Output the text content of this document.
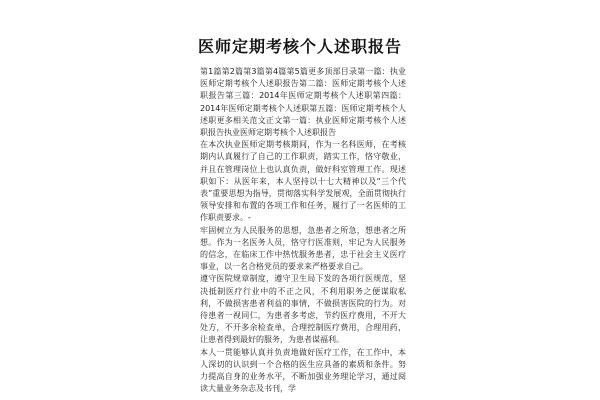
医师定期考核个人述职报告

第1篇第2篇第3篇第4篇第5篇更多顶部目录第一篇：执业医师定期考核个人述职报告第二篇：医师定期考核个人述职报告第三篇：2014年医师定期考核个人述职第四篇：2014年医师定期考核个人述职第五篇：医师定期考核个人述职更多相关范文正文第一篇：执业医师定期考核个人述职报告执业医师定期考核个人述职报告

在本次执业医师定期考核期间，作为一名科医师，在考核期内认真履行了自己的工作职责，踏实工作，恪守敬业，并且在管理岗位上也认真负责，做好科室管理工作。现述职如下：从医年来，本人坚持以十七大精神以及“三个代表”重要思想为指导，贯彻落实科学发展观，全面贯彻执行领导安排和布置的各项工作和任务，履行了一名医师的工作职责要求。-

牢固树立为人民服务的思想，急患者之所急，想患者之所想。作为一名医务人员，恪守行医准则，牢记为人民服务的信念，在临床工作中热忱服务患者，忠于社会主义医疗事业，以一名合格党员的要求来严格要求自己。

遵守医院规章制度，遵守卫生局下发的各项行医规范，坚决抵制医疗行业中的不正之风，不利用职务之便谋取私利，不做损害患者利益的事情，不做损害医院的行为。对待患者一视同仁，为患者多考虑，节约医疗费用，不开大处方，不开多余检查单，合理控制医疗费用，合理用药，让患者得到最好的服务，为患者谋福利。

本人一贯能够认真并负责地做好医疗工作，在工作中，本人深切的认识到一个合格的医生应具备的素质和条件。努力提高自身的业务水平，不断加强业务理论学习，通过阅读大量业务杂志及书刊，学
